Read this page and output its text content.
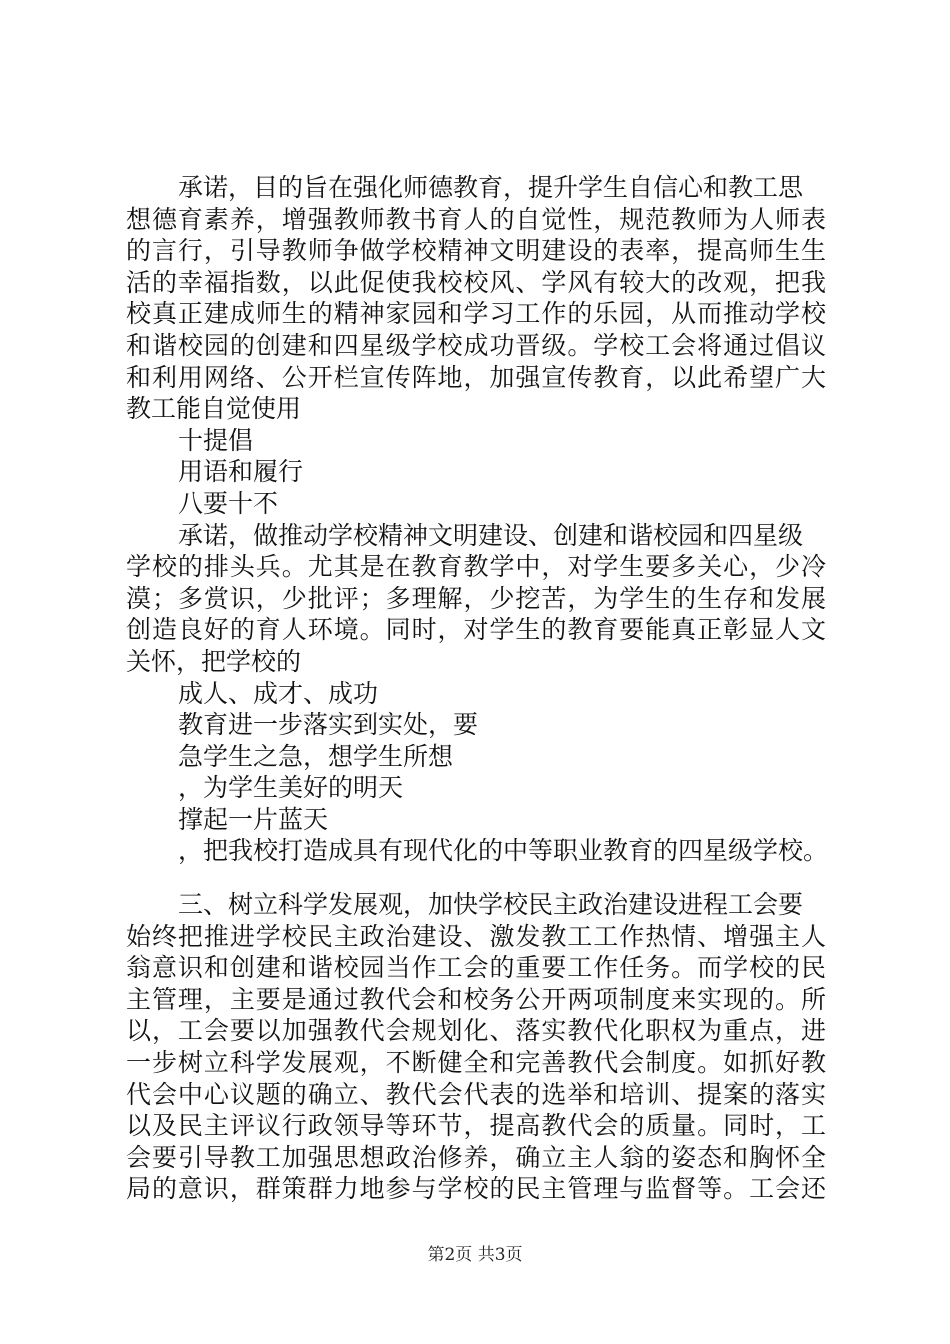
承诺，目的旨在强化师德教育，提升学生自信心和教工思
想德育素养，增强教师教书育人的自觉性，规范教师为人师表
的言行，引导教师争做学校精神文明建设的表率，提高师生生
活的幸福指数，以此促使我校校风、学风有较大的改观，把我
校真正建成师生的精神家园和学习工作的乐园，从而推动学校
和谐校园的创建和四星级学校成功晋级。学校工会将通过倡议
和利用网络、公开栏宣传阵地，加强宣传教育，以此希望广大
教工能自觉使用
十提倡
用语和履行
八要十不
承诺，做推动学校精神文明建设、创建和谐校园和四星级
学校的排头兵。尤其是在教育教学中，对学生要多关心，少冷
漠；多赏识，少批评；多理解，少挖苦，为学生的生存和发展
创造良好的育人环境。同时，对学生的教育要能真正彰显人文
关怀，把学校的
成人、成才、成功
教育进一步落实到实处，要
急学生之急，想学生所想
，为学生美好的明天
撑起一片蓝天
，把我校打造成具有现代化的中等职业教育的四星级学校。
三、树立科学发展观，加快学校民主政治建设进程工会要
始终把推进学校民主政治建设、激发教工工作热情、增强主人
翁意识和创建和谐校园当作工会的重要工作任务。而学校的民
主管理，主要是通过教代会和校务公开两项制度来实现的。所
以，工会要以加强教代会规划化、落实教代化职权为重点，进
一步树立科学发展观，不断健全和完善教代会制度。如抓好教
代会中心议题的确立、教代会代表的选举和培训、提案的落实
以及民主评议行政领导等环节，提高教代会的质量。同时，工
会要引导教工加强思想政治修养，确立主人翁的姿态和胸怀全
局的意识，群策群力地参与学校的民主管理与监督等。工会还
第2页 共3页
